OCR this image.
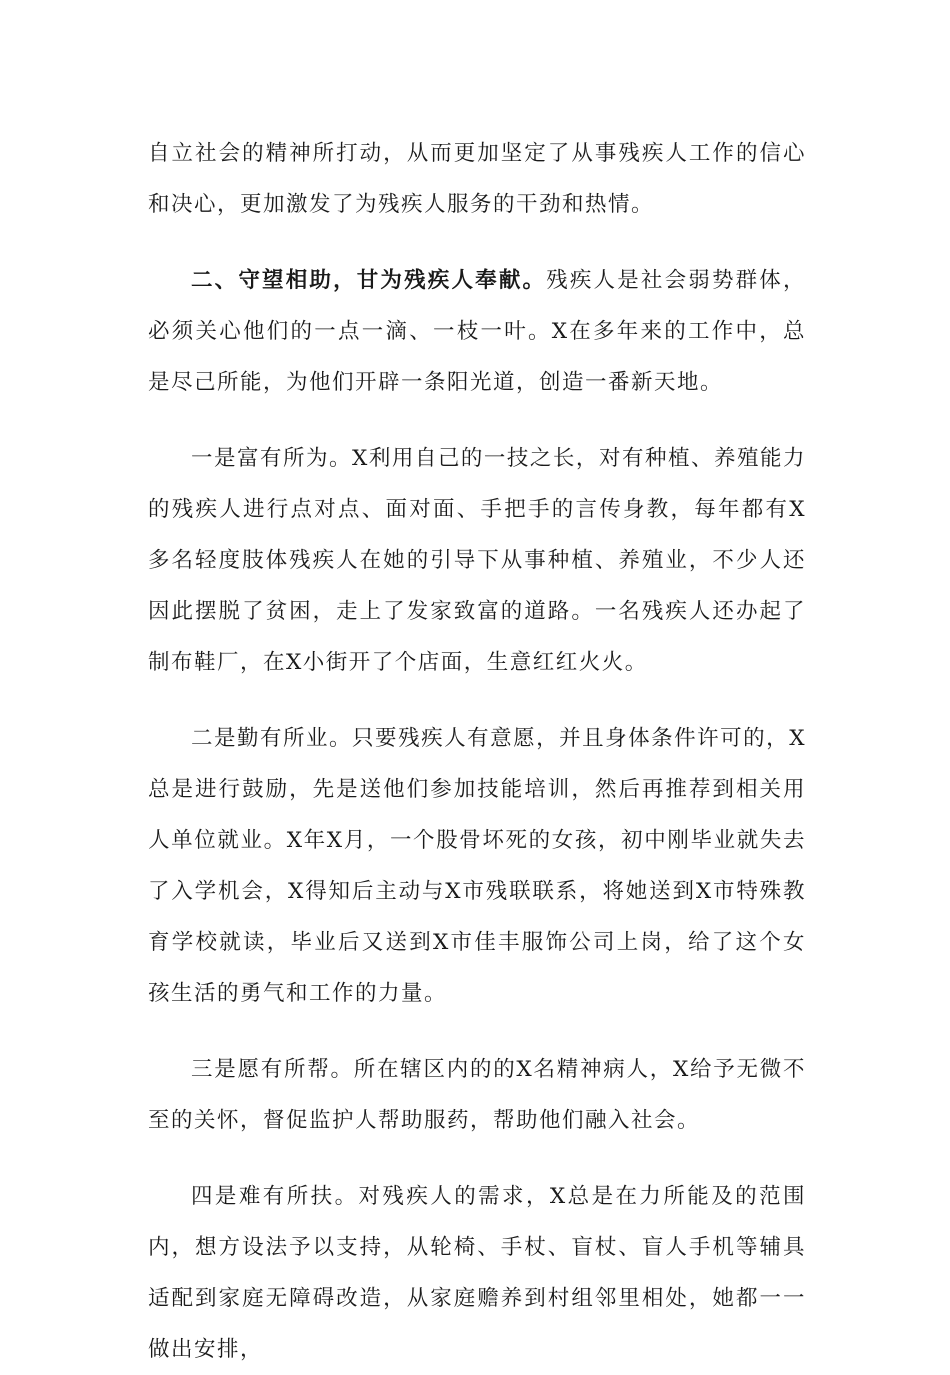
自立社会的精神所打动，从而更加坚定了从事残疾人工作的信心和决心，更加激发了为残疾人服务的干劲和热情。

二、守望相助，甘为残疾人奉献。残疾人是社会弱势群体，必须关心他们的一点一滴、一枝一叶。X在多年来的工作中，总是尽己所能，为他们开辟一条阳光道，创造一番新天地。

一是富有所为。X利用自己的一技之长，对有种植、养殖能力的残疾人进行点对点、面对面、手把手的言传身教，每年都有X多名轻度肢体残疾人在她的引导下从事种植、养殖业，不少人还因此摆脱了贫困，走上了发家致富的道路。一名残疾人还办起了制布鞋厂，在X小街开了个店面，生意红红火火。

二是勤有所业。只要残疾人有意愿，并且身体条件许可的，X总是进行鼓励，先是送他们参加技能培训，然后再推荐到相关用人单位就业。X年X月，一个股骨坏死的女孩，初中刚毕业就失去了入学机会，X得知后主动与X市残联联系，将她送到X市特殊教育学校就读，毕业后又送到X市佳丰服饰公司上岗，给了这个女孩生活的勇气和工作的力量。

三是愿有所帮。所在辖区内的的X名精神病人，X给予无微不至的关怀，督促监护人帮助服药，帮助他们融入社会。

四是难有所扶。对残疾人的需求，X总是在力所能及的范围内，想方设法予以支持，从轮椅、手杖、盲杖、盲人手机等辅具适配到家庭无障碍改造，从家庭赡养到村组邻里相处，她都一一做出安排，
